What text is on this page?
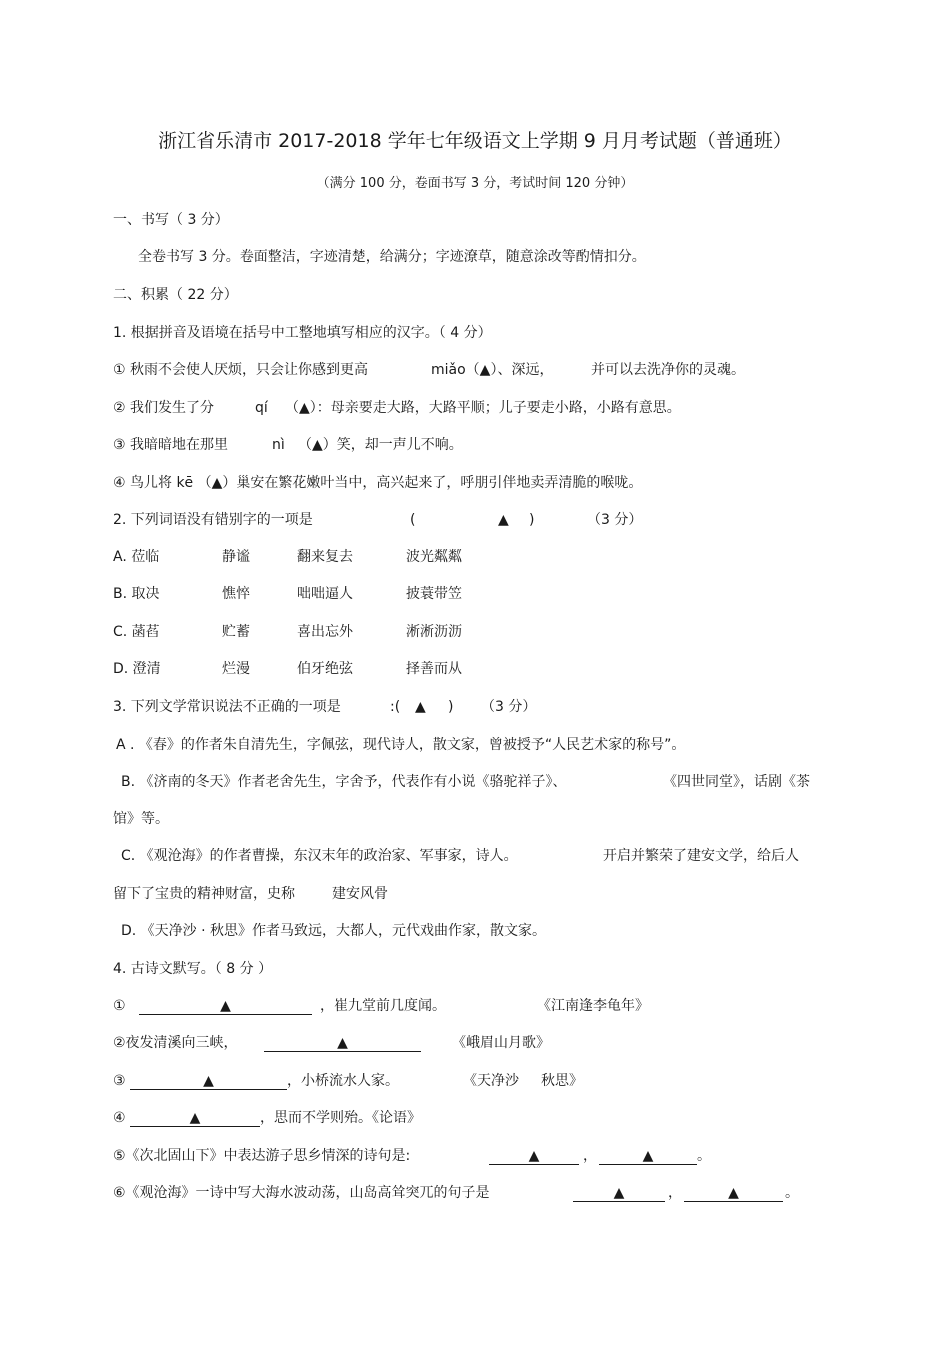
浙江省乐清市 2017-2018 学年七年级语文上学期 9 月月考试题（普通班）
（满分 100 分，卷面书写 3 分，考试时间 120 分钟）
一、书写（ 3 分）
全卷书写 3 分。卷面整洁，字迹清楚，给满分；字迹潦草，随意涂改等酌情扣分。
二、积累（ 22 分）
1. 根据拼音及语境在括号中工整地填写相应的汉字。（ 4 分）
① 秋雨不会使人厌烦，只会让你感到更高	miǎo（▲）、深远，	并可以去洗净你的灵魂。
② 我们发生了分	qí （▲）：母亲要走大路，大路平顺；儿子要走小路，小路有意思。
③ 我暗暗地在那里	nì （▲）笑，却一声儿不响。
④ 鸟儿将 kē （▲）巢安在繁花嫩叶当中，高兴起来了，呼朋引伴地卖弄清脆的喉咙。
2. 下列词语没有错别字的一项是	(	▲ )	（3 分）
A. 莅临	静谧	翻来复去	波光粼粼
B. 取决	憔悴	咄咄逼人	披蓑带笠
C. 菡萏	贮蓄	喜出忘外	淅淅沥沥
D. 澄清	烂漫	伯牙绝弦	择善而从
3. 下列文学常识说法不正确的一项是	:( ▲ ) （3 分）
A . 《春》的作者朱自清先生，字佩弦，现代诗人，散文家，曾被授予“人民艺术家的称号”。
B. 《济南的冬天》作者老舍先生，字舍予，代表作有小说《骆驼祥子》、	《四世同堂》，话剧《茶
馆》等。
C. 《观沧海》的作者曹操，东汉末年的政治家、军事家，诗人。	开启并繁荣了建安文学，给后人
留下了宝贵的精神财富，史称	建安风骨
D. 《天净沙 · 秋思》作者马致远，大都人，元代戏曲作家，散文家。
4. 古诗文默写。（ 8 分 ）
①	▲	，崔九堂前几度闻。	《江南逢李龟年》
②夜发清溪向三峡，	▲	《峨眉山月歌》
③	▲	，小桥流水人家。	《天净沙 秋思》
④	▲	，思而不学则殆。《论语》
⑤《次北固山下》中表达游子思乡情深的诗句是:	▲	，	▲	。
⑥《观沧海》一诗中写大海水波动荡，山岛高耸突兀的句子是	▲	，	▲	。
